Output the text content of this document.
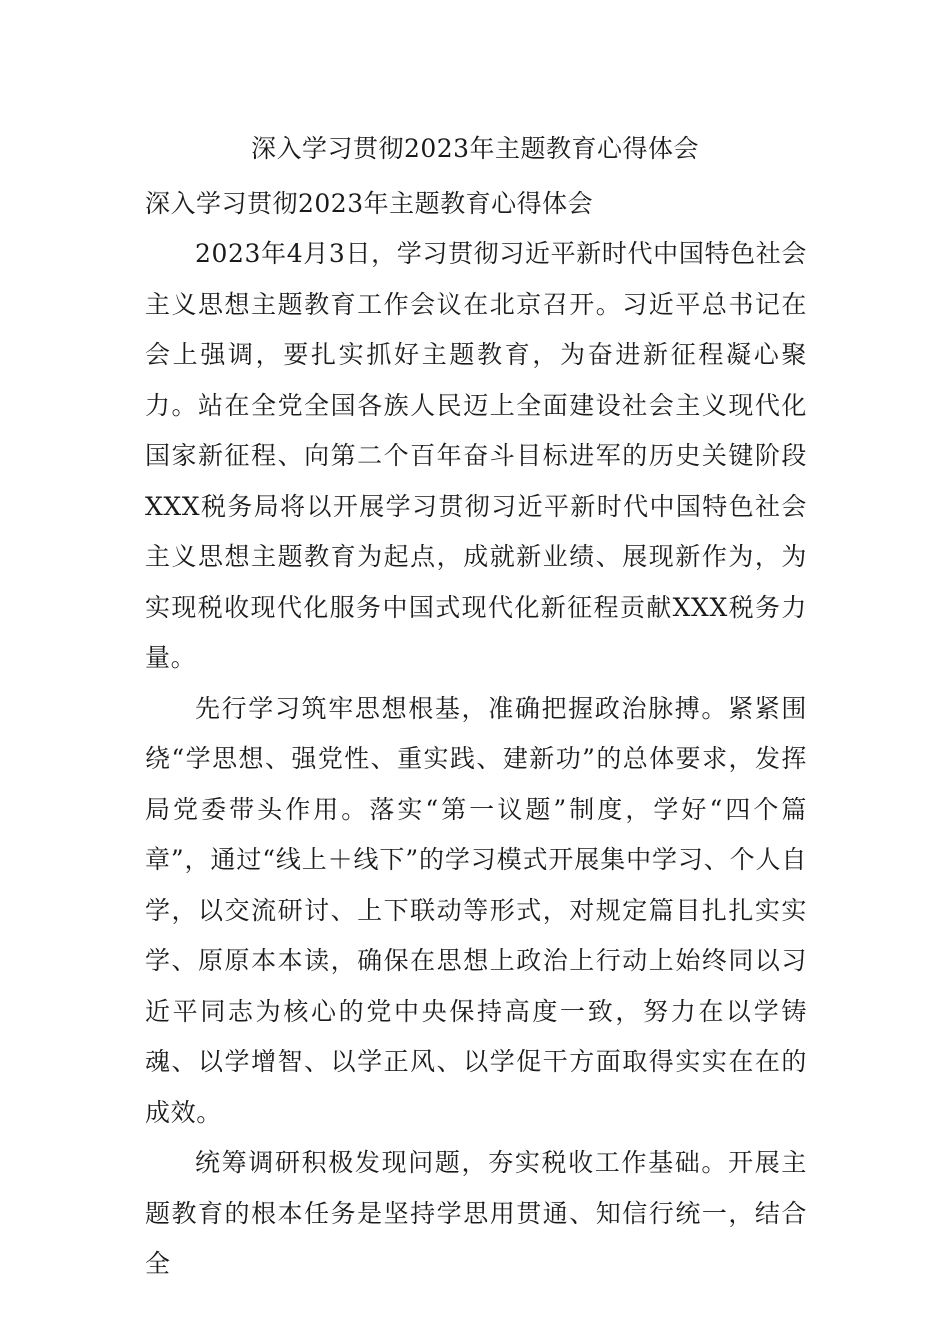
深入学习贯彻2023年主题教育心得体会

深入学习贯彻2023年主题教育心得体会

2023年4月3日，学习贯彻习近平新时代中国特色社会主义思想主题教育工作会议在北京召开。习近平总书记在会上强调，要扎实抓好主题教育，为奋进新征程凝心聚力。站在全党全国各族人民迈上全面建设社会主义现代化国家新征程、向第二个百年奋斗目标进军的历史关键阶段XXX税务局将以开展学习贯彻习近平新时代中国特色社会主义思想主题教育为起点，成就新业绩、展现新作为，为实现税收现代化服务中国式现代化新征程贡献XXX税务力量。

先行学习筑牢思想根基，准确把握政治脉搏。紧紧围绕“学思想、强党性、重实践、建新功”的总体要求，发挥局党委带头作用。落实“第一议题”制度，学好“四个篇章”，通过“线上＋线下”的学习模式开展集中学习、个人自学，以交流研讨、上下联动等形式，对规定篇目扎扎实实学、原原本本读，确保在思想上政治上行动上始终同以习近平同志为核心的党中央保持高度一致，努力在以学铸魂、以学增智、以学正风、以学促干方面取得实实在在的成效。

统筹调研积极发现问题，夯实税收工作基础。开展主题教育的根本任务是坚持学思用贯通、知信行统一，结合全
